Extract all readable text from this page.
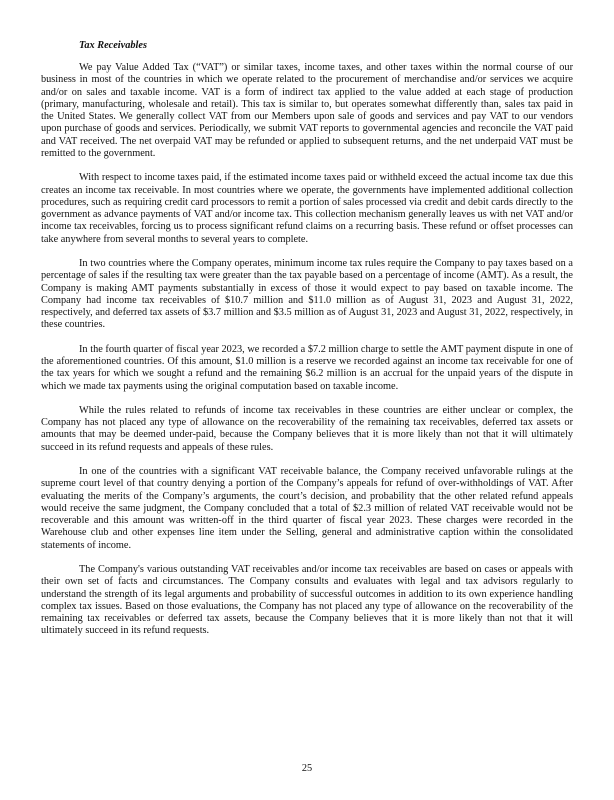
Tax Receivables

We pay Value Added Tax (“VAT”) or similar taxes, income taxes, and other taxes within the normal course of our business in most of the countries in which we operate related to the procurement of merchandise and/or services we acquire and/or on sales and taxable income. VAT is a form of indirect tax applied to the value added at each stage of production (primary, manufacturing, wholesale and retail). This tax is similar to, but operates somewhat differently than, sales tax paid in the United States. We generally collect VAT from our Members upon sale of goods and services and pay VAT to our vendors upon purchase of goods and services. Periodically, we submit VAT reports to governmental agencies and reconcile the VAT paid and VAT received. The net overpaid VAT may be refunded or applied to subsequent returns, and the net underpaid VAT must be remitted to the government.

With respect to income taxes paid, if the estimated income taxes paid or withheld exceed the actual income tax due this creates an income tax receivable. In most countries where we operate, the governments have implemented additional collection procedures, such as requiring credit card processors to remit a portion of sales processed via credit and debit cards directly to the government as advance payments of VAT and/or income tax. This collection mechanism generally leaves us with net VAT and/or income tax receivables, forcing us to process significant refund claims on a recurring basis. These refund or offset processes can take anywhere from several months to several years to complete.

In two countries where the Company operates, minimum income tax rules require the Company to pay taxes based on a percentage of sales if the resulting tax were greater than the tax payable based on a percentage of income (AMT). As a result, the Company is making AMT payments substantially in excess of those it would expect to pay based on taxable income. The Company had income tax receivables of $10.7 million and $11.0 million as of August 31, 2023 and August 31, 2022, respectively, and deferred tax assets of $3.7 million and $3.5 million as of August 31, 2023 and August 31, 2022, respectively, in these countries.

In the fourth quarter of fiscal year 2023, we recorded a $7.2 million charge to settle the AMT payment dispute in one of the aforementioned countries. Of this amount, $1.0 million is a reserve we recorded against an income tax receivable for one of the tax years for which we sought a refund and the remaining $6.2 million is an accrual for the unpaid years of the dispute in which we made tax payments using the original computation based on taxable income.

While the rules related to refunds of income tax receivables in these countries are either unclear or complex, the Company has not placed any type of allowance on the recoverability of the remaining tax receivables, deferred tax assets or amounts that may be deemed under-paid, because the Company believes that it is more likely than not that it will ultimately succeed in its refund requests and appeals of these rules.

In one of the countries with a significant VAT receivable balance, the Company received unfavorable rulings at the supreme court level of that country denying a portion of the Company’s appeals for refund of over-withholdings of VAT. After evaluating the merits of the Company’s arguments, the court’s decision, and probability that the other related refund appeals would receive the same judgment, the Company concluded that a total of $2.3 million of related VAT receivable would not be recoverable and this amount was written-off in the third quarter of fiscal year 2023. These charges were recorded in the Warehouse club and other expenses line item under the Selling, general and administrative caption within the consolidated statements of income.

The Company's various outstanding VAT receivables and/or income tax receivables are based on cases or appeals with their own set of facts and circumstances. The Company consults and evaluates with legal and tax advisors regularly to understand the strength of its legal arguments and probability of successful outcomes in addition to its own experience handling complex tax issues. Based on those evaluations, the Company has not placed any type of allowance on the recoverability of the remaining tax receivables or deferred tax assets, because the Company believes that it is more likely than not that it will ultimately succeed in its refund requests.

25
